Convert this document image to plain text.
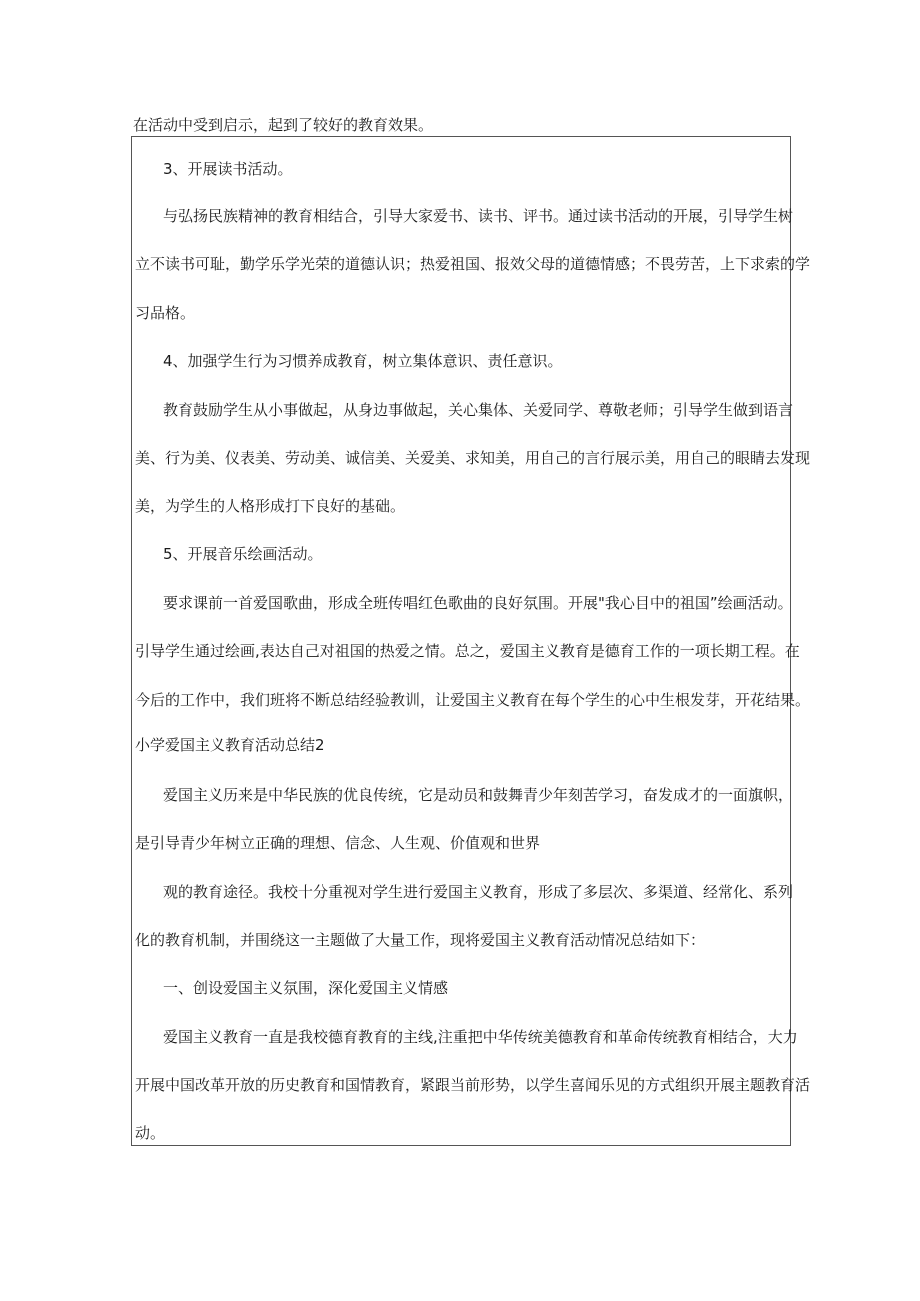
在活动中受到启示，起到了较好的教育效果。
3、开展读书活动。
与弘扬民族精神的教育相结合，引导大家爱书、读书、评书。通过读书活动的开展，引导学生树
立不读书可耻，勤学乐学光荣的道德认识；热爱祖国、报效父母的道德情感；不畏劳苦，上下求索的学
习品格。
4、加强学生行为习惯养成教育，树立集体意识、责任意识。
教育鼓励学生从小事做起，从身边事做起，关心集体、关爱同学、尊敬老师；引导学生做到语言
美、行为美、仪表美、劳动美、诚信美、关爱美、求知美，用自己的言行展示美，用自己的眼睛去发现
美，为学生的人格形成打下良好的基础。
5、开展音乐绘画活动。
要求课前一首爱国歌曲，形成全班传唱红色歌曲的良好氛围。开展"我心目中的祖国”绘画活动。
引导学生通过绘画,表达自己对祖国的热爱之情。总之，爱国主义教育是德育工作的一项长期工程。在
今后的工作中，我们班将不断总结经验教训，让爱国主义教育在每个学生的心中生根发芽，开花结果。
小学爱国主义教育活动总结2
爱国主义历来是中华民族的优良传统，它是动员和鼓舞青少年刻苦学习，奋发成才的一面旗帜，
是引导青少年树立正确的理想、信念、人生观、价值观和世界
观的教育途径。我校十分重视对学生进行爱国主义教育，形成了多层次、多渠道、经常化、系列
化的教育机制，并围绕这一主题做了大量工作，现将爱国主义教育活动情况总结如下：
一、创设爱国主义氛围，深化爱国主义情感
爱国主义教育一直是我校德育教育的主线,注重把中华传统美德教育和革命传统教育相结合，大力
开展中国改革开放的历史教育和国情教育，紧跟当前形势，以学生喜闻乐见的方式组织开展主题教育活
动。
